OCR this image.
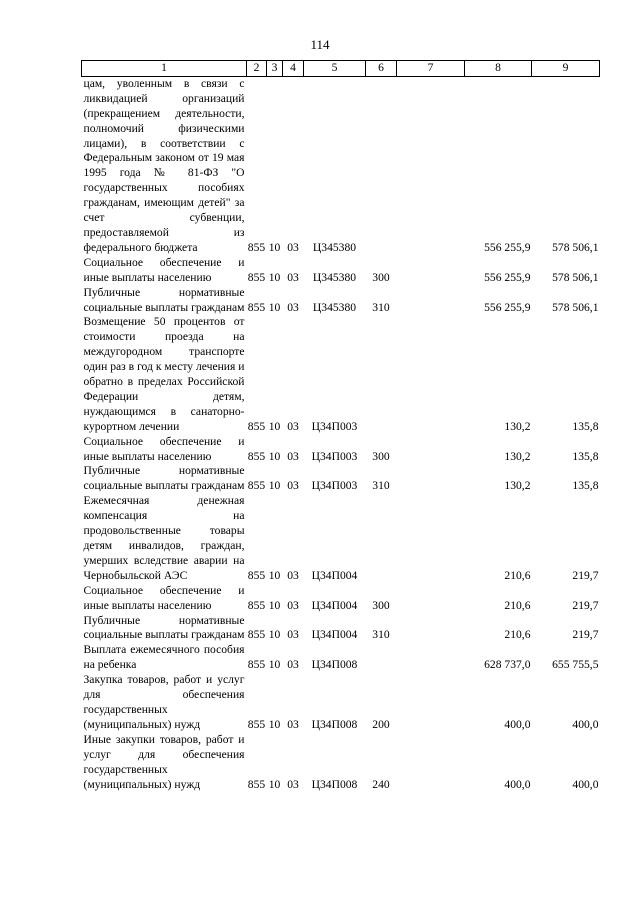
114
1	2	3	4	5	6	7	8	9
цам, уволенным в связи с ликвидацией организаций (прекращением деятельности, полномочий физическими лицами), в соответствии с Федеральным законом от 19 мая 1995 года № 81-ФЗ "О государственных пособиях гражданам, имеющим детей" за счет субвенции, предоставляемой из федерального бюджета	855	10	03	Ц345380			556 255,9	578 506,1
Социальное обеспечение и иные выплаты населению	855	10	03	Ц345380	300		556 255,9	578 506,1
Публичные нормативные социальные выплаты гражданам	855	10	03	Ц345380	310		556 255,9	578 506,1
Возмещение 50 процентов от стоимости проезда на междугородном транспорте один раз в год к месту лечения и обратно в пределах Российской Федерации детям, нуждающимся в санаторно-курортном лечении	855	10	03	Ц34П003			130,2	135,8
Социальное обеспечение и иные выплаты населению	855	10	03	Ц34П003	300		130,2	135,8
Публичные нормативные социальные выплаты гражданам	855	10	03	Ц34П003	310		130,2	135,8
Ежемесячная денежная компенсация на продовольственные товары детям инвалидов, граждан, умерших вследствие аварии на Чернобыльской АЭС	855	10	03	Ц34П004			210,6	219,7
Социальное обеспечение и иные выплаты населению	855	10	03	Ц34П004	300		210,6	219,7
Публичные нормативные социальные выплаты гражданам	855	10	03	Ц34П004	310		210,6	219,7
Выплата ежемесячного пособия на ребенка	855	10	03	Ц34П008			628 737,0	655 755,5
Закупка товаров, работ и услуг для обеспечения государственных (муниципальных) нужд	855	10	03	Ц34П008	200		400,0	400,0
Иные закупки товаров, работ и услуг для обеспечения государственных (муниципальных) нужд	855	10	03	Ц34П008	240		400,0	400,0
